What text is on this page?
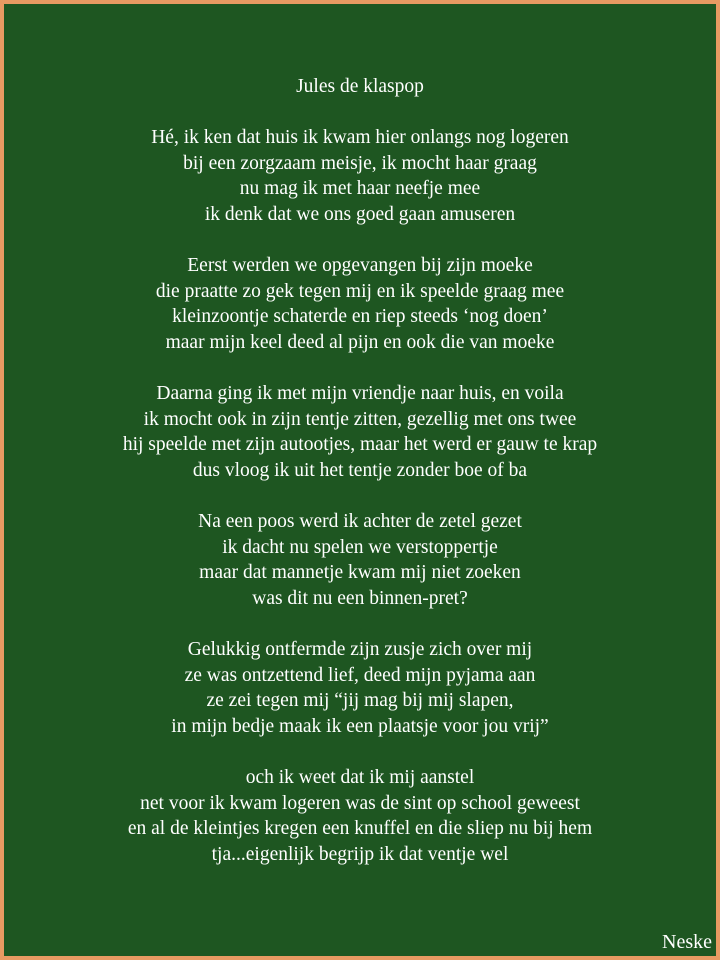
Jules de klaspop
Hé, ik ken dat huis ik kwam hier onlangs nog logeren
bij een zorgzaam meisje, ik mocht haar graag
nu mag ik met haar neefje mee
ik denk dat we ons goed gaan amuseren
Eerst werden we opgevangen bij zijn moeke
die praatte zo gek tegen mij en ik speelde graag mee
kleinzoontje schaterde en riep steeds ‘nog doen’
maar mijn keel deed al pijn en ook die van moeke
Daarna ging ik met mijn vriendje naar huis, en voila
ik mocht ook in zijn tentje zitten, gezellig met ons twee
hij speelde met zijn autootjes, maar het werd er gauw te krap
dus vloog ik uit het tentje zonder boe of ba
Na een poos werd ik achter de zetel gezet
ik dacht nu spelen we verstoppertje
maar dat mannetje kwam mij niet zoeken
was dit nu een binnen-pret?
Gelukkig ontfermde zijn zusje zich over mij
ze was ontzettend lief, deed mijn pyjama aan
ze zei tegen mij “jij mag bij mij slapen,
in mijn bedje maak ik een plaatsje voor jou vrij”
och ik weet dat ik mij aanstel
net voor ik kwam logeren was de sint op school geweest
en al de kleintjes kregen een knuffel en die sliep nu bij hem
tja...eigenlijk begrijp ik dat ventje wel
Neske
